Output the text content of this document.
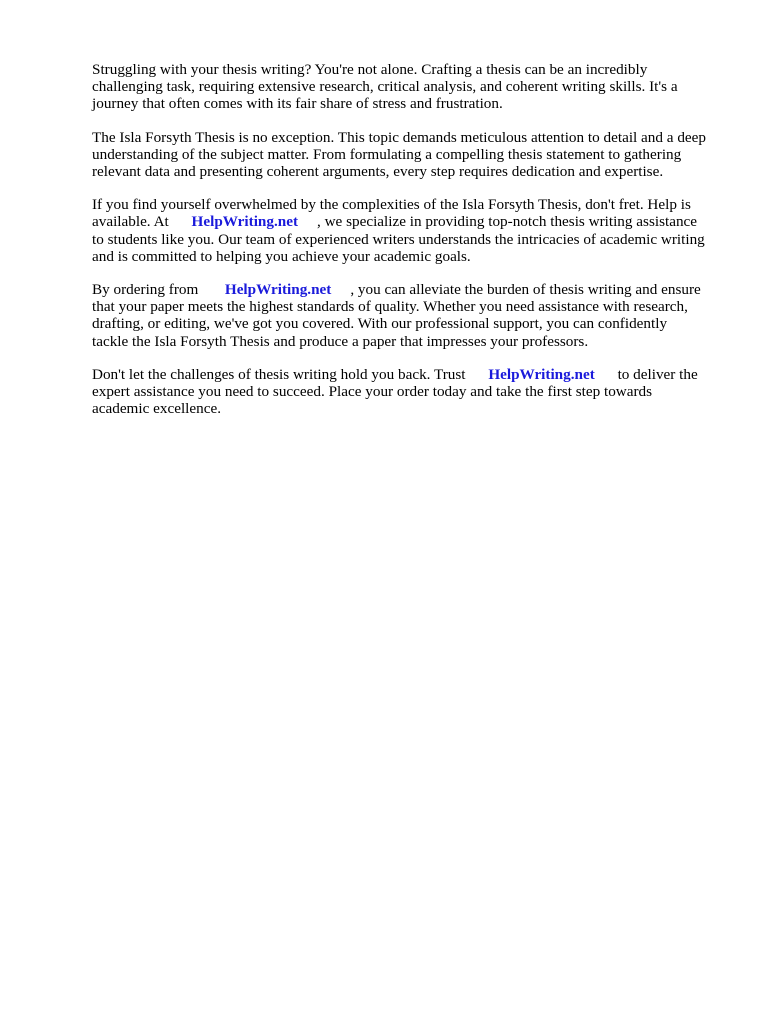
Struggling with your thesis writing? You're not alone. Crafting a thesis can be an incredibly
challenging task, requiring extensive research, critical analysis, and coherent writing skills. It's a
journey that often comes with its fair share of stress and frustration.

The Isla Forsyth Thesis is no exception. This topic demands meticulous attention to detail and a deep
understanding of the subject matter. From formulating a compelling thesis statement to gathering
relevant data and presenting coherent arguments, every step requires dedication and expertise.

If you find yourself overwhelmed by the complexities of the Isla Forsyth Thesis, don't fret. Help is
available. At      HelpWriting.net     , we specialize in providing top-notch thesis writing assistance
to students like you. Our team of experienced writers understands the intricacies of academic writing
and is committed to helping you achieve your academic goals.

By ordering from       HelpWriting.net     , you can alleviate the burden of thesis writing and ensure
that your paper meets the highest standards of quality. Whether you need assistance with research,
drafting, or editing, we've got you covered. With our professional support, you can confidently
tackle the Isla Forsyth Thesis and produce a paper that impresses your professors.

Don't let the challenges of thesis writing hold you back. Trust      HelpWriting.net      to deliver the
expert assistance you need to succeed. Place your order today and take the first step towards
academic excellence.
